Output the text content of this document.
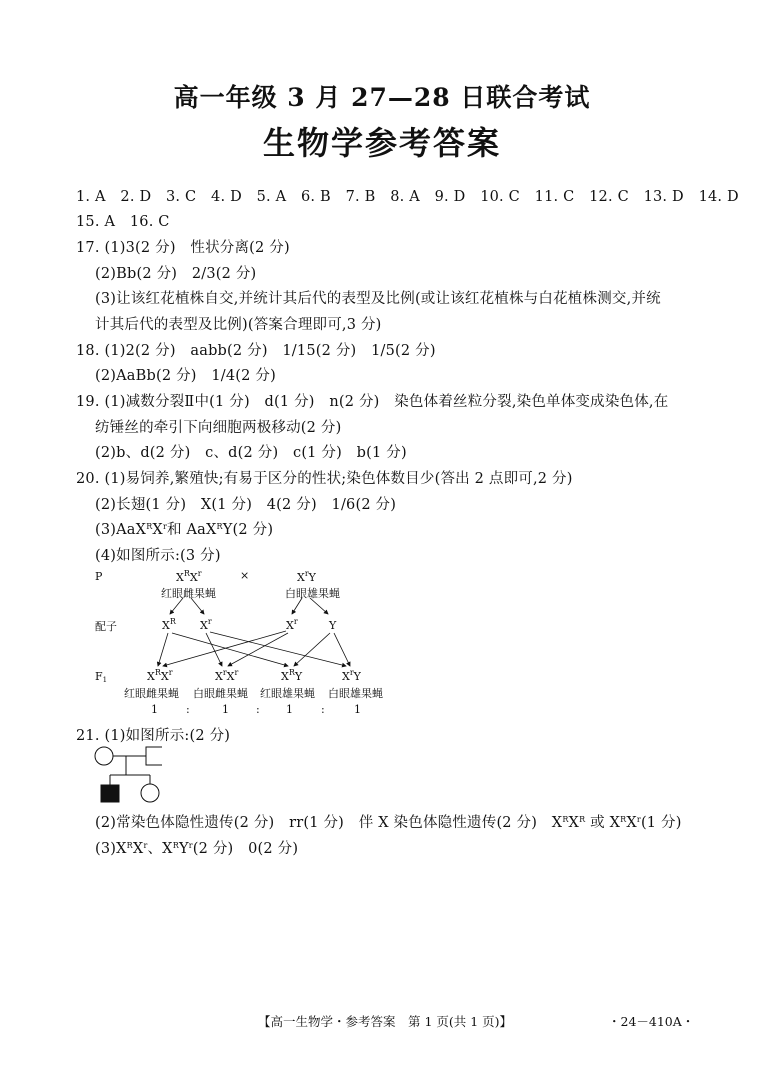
高一年级 3 月 27—28 日联合考试
生物学参考答案
1. A　2. D　3. C　4. D　5. A　6. B　7. B　8. A　9. D　10. C　11. C　12. C　13. D　14. D
15. A　16. C
17. (1)3(2 分)　性状分离(2 分)
(2)Bb(2 分)　2/3(2 分)
(3)让该红花植株自交,并统计其后代的表型及比例(或让该红花植株与白花植株测交,并统
计其后代的表型及比例)(答案合理即可,3 分)
18. (1)2(2 分)　aabb(2 分)　1/15(2 分)　1/5(2 分)
(2)AaBb(2 分)　1/4(2 分)
19. (1)减数分裂Ⅱ中(1 分)　d(1 分)　n(2 分)　染色体着丝粒分裂,染色单体变成染色体,在
纺锤丝的牵引下向细胞两极移动(2 分)
(2)b、d(2 分)　c、d(2 分)　c(1 分)　b(1 分)
20. (1)易饲养,繁殖快;有易于区分的性状;染色体数目少(答出 2 点即可,2 分)
(2)长翅(1 分)　X(1 分)　4(2 分)　1/6(2 分)
$(3)AaX^RX^r$和 AaX$^R$Y(2 分)
(4)如图所示:(3 分)
P	$X^RX^r$	×	$X^rY$
红眼雌果蝇	白眼雄果蝇
配子	$X^R$ $X^r$	$X^r$	Y
F1	$X^RX^r$	$X^rX^r$	$X^RY$	$X^rY$
红眼雌果蝇 白眼雌果蝇 红眼雄果蝇 白眼雄果蝇
1	:	1 : 1	:	1
21. (1)如图所示:(2 分)
(2)常染色体隐性遗传(2 分)　rr(1 分)　伴 X 染色体隐性遗传(2 分)　$X^RX^R$ 或 $X^RX^r(1$ 分)
$(3)X^RX^r$、$X^RY^r(2$ 分)　0(2 分)
【高一生物学・参考答案　第 1 页(共 1 页)】	・24－410A・
